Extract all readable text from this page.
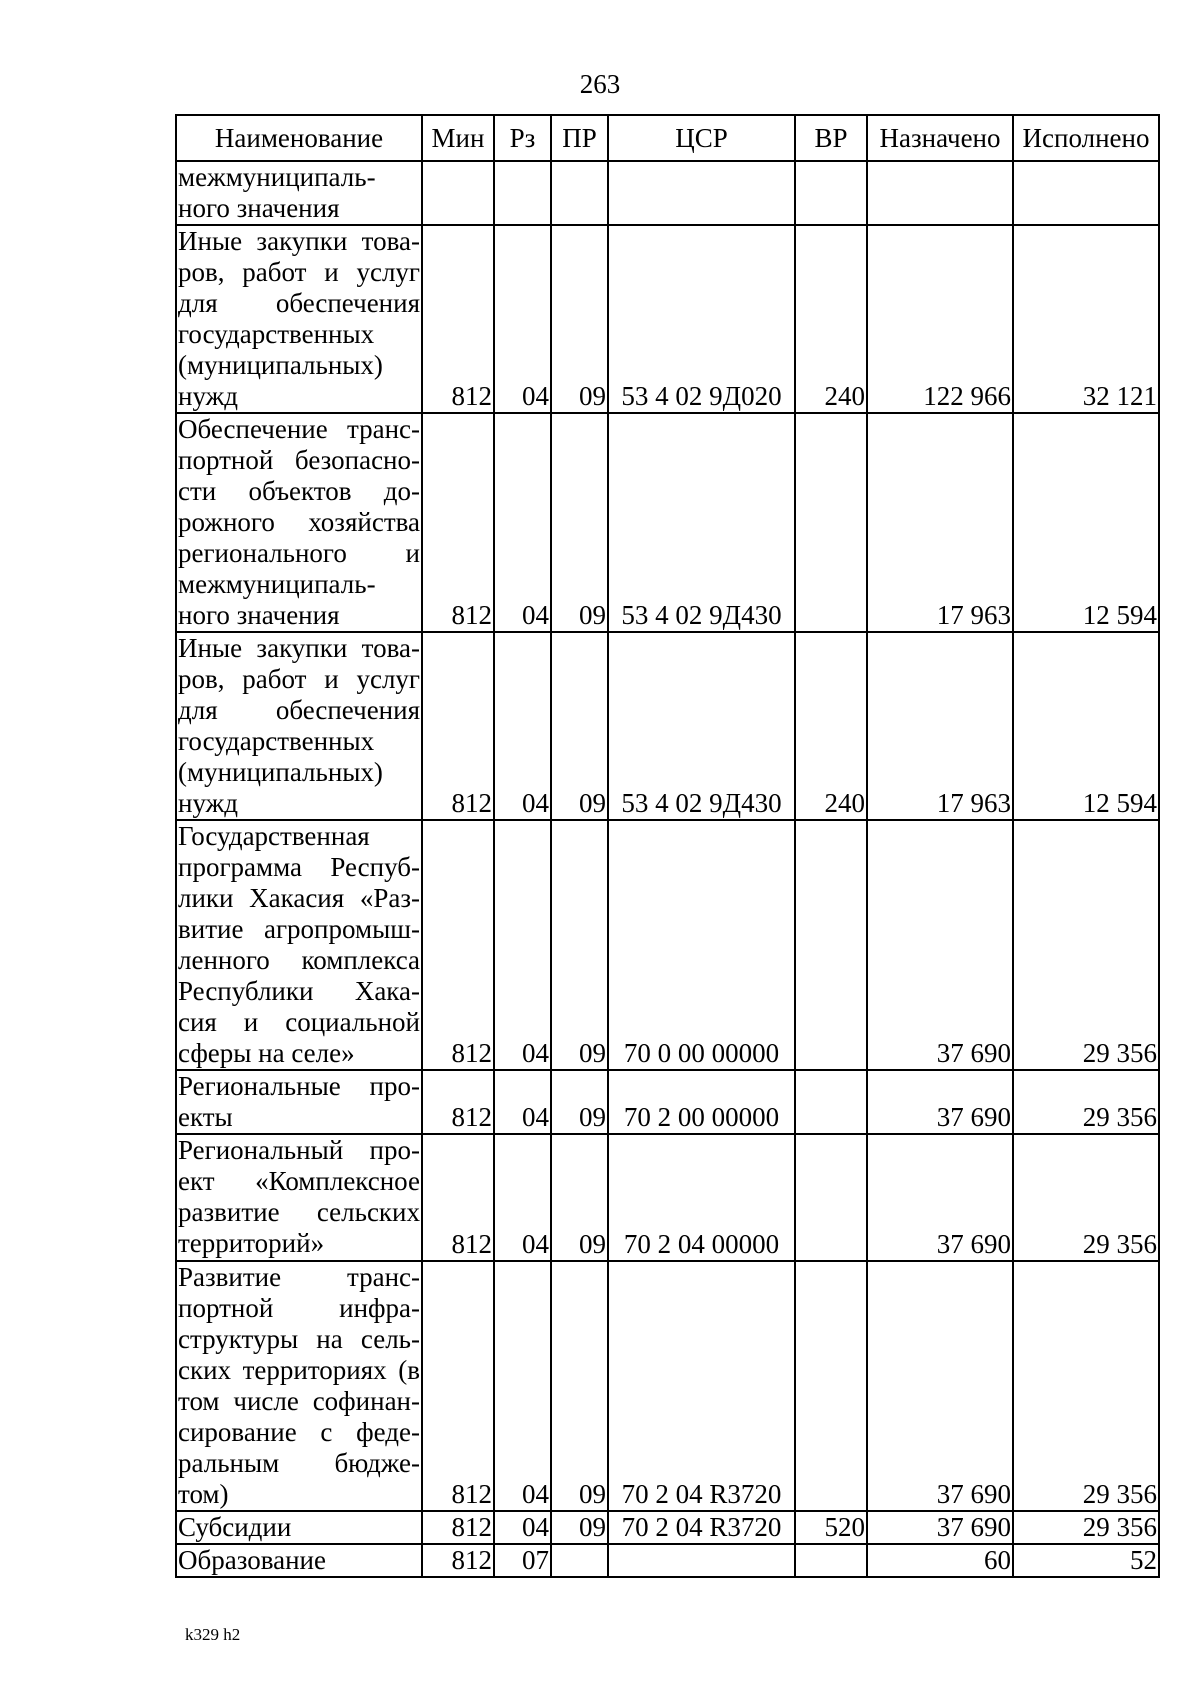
263
Наименование	Мин	Рз	ПР	ЦСР	ВР	Назначено	Исполнено
межмуниципаль-ного значения							
Иные закупки това-ров, работ и услуг для обеспечения государственных (муниципальных) нужд	812	04	09	53 4 02 9Д020	240	122 966	32 121
Обеспечение транс-портной безопасно-сти объектов до-рожного хозяйства регионального и межмуниципаль-ного значения	812	04	09	53 4 02 9Д430		17 963	12 594
Иные закупки това-ров, работ и услуг для обеспечения государственных (муниципальных) нужд	812	04	09	53 4 02 9Д430	240	17 963	12 594
Государственная программа Респуб-лики Хакасия «Раз-витие агропромыш-ленного комплекса Республики Хака-сия и социальной сферы на селе»	812	04	09	70 0 00 00000		37 690	29 356
Региональные про-екты	812	04	09	70 2 00 00000		37 690	29 356
Региональный про-ект «Комплексное развитие сельских территорий»	812	04	09	70 2 04 00000		37 690	29 356
Развитие транс-портной инфра-структуры на сель-ских территориях (в том числе софинан-сирование с феде-ральным бюдже-том)	812	04	09	70 2 04 R3720		37 690	29 356
Субсидии	812	04	09	70 2 04 R3720	520	37 690	29 356
Образование	812	07				60	52
k329 h2
